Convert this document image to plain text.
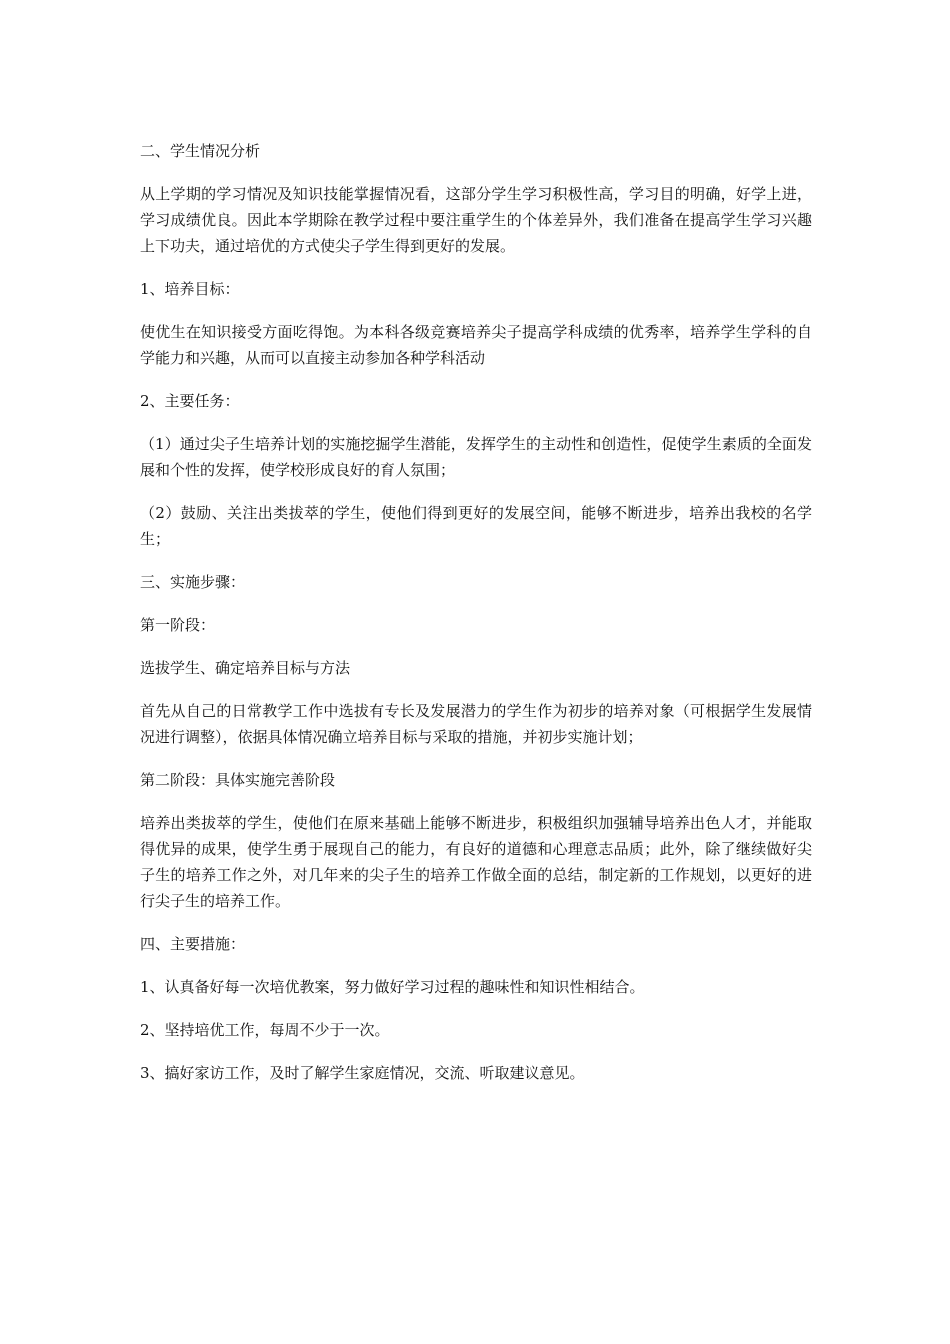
二、学生情况分析

从上学期的学习情况及知识技能掌握情况看，这部分学生学习积极性高，学习目的明确，好学上进，学习成绩优良。因此本学期除在教学过程中要注重学生的个体差异外，我们准备在提高学生学习兴趣上下功夫，通过培优的方式使尖子学生得到更好的发展。

1、培养目标：

使优生在知识接受方面吃得饱。为本科各级竞赛培养尖子提高学科成绩的优秀率，培养学生学科的自学能力和兴趣，从而可以直接主动参加各种学科活动

2、主要任务：

（1）通过尖子生培养计划的实施挖掘学生潜能，发挥学生的主动性和创造性，促使学生素质的全面发展和个性的发挥，使学校形成良好的育人氛围；

（2）鼓励、关注出类拔萃的学生，使他们得到更好的发展空间，能够不断进步，培养出我校的名学生；

三、实施步骤：

第一阶段：

选拔学生、确定培养目标与方法

首先从自己的日常教学工作中选拔有专长及发展潜力的学生作为初步的培养对象（可根据学生发展情况进行调整），依据具体情况确立培养目标与采取的措施，并初步实施计划；

第二阶段：具体实施完善阶段

培养出类拔萃的学生，使他们在原来基础上能够不断进步，积极组织加强辅导培养出色人才，并能取得优异的成果，使学生勇于展现自己的能力，有良好的道德和心理意志品质；此外，除了继续做好尖子生的培养工作之外，对几年来的尖子生的培养工作做全面的总结，制定新的工作规划，以更好的进行尖子生的培养工作。

四、主要措施：

1、认真备好每一次培优教案，努力做好学习过程的趣味性和知识性相结合。

2、坚持培优工作，每周不少于一次。

3、搞好家访工作，及时了解学生家庭情况，交流、听取建议意见。
